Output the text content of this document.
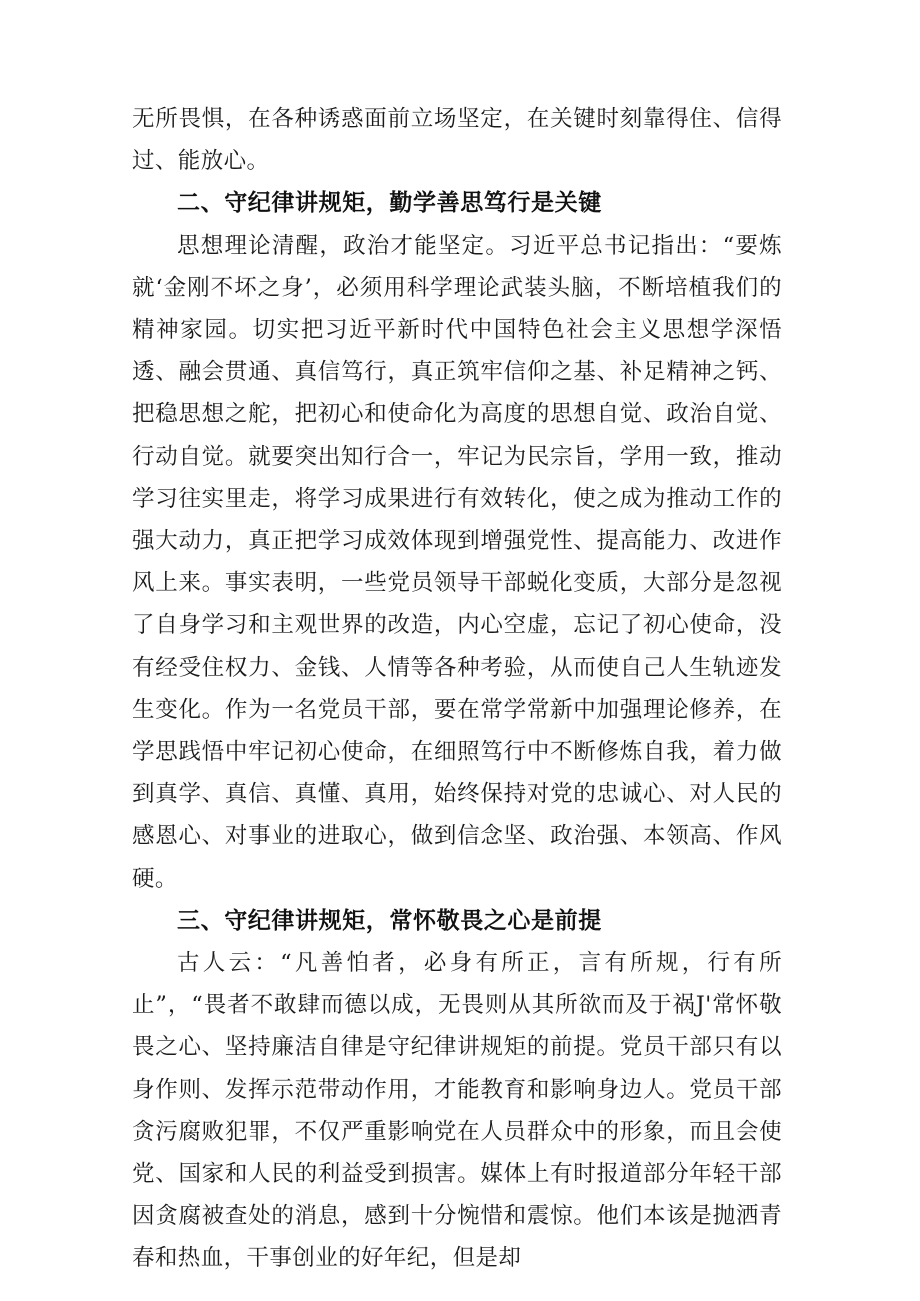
无所畏惧，在各种诱惑面前立场坚定，在关键时刻靠得住、信得过、能放心。

二、守纪律讲规矩，勤学善思笃行是关键

思想理论清醒，政治才能坚定。习近平总书记指出：“要炼就‘金刚不坏之身’，必须用科学理论武装头脑，不断培植我们的精神家园。切实把习近平新时代中国特色社会主义思想学深悟透、融会贯通、真信笃行，真正筑牢信仰之基、补足精神之钙、把稳思想之舵，把初心和使命化为高度的思想自觉、政治自觉、行动自觉。就要突出知行合一，牢记为民宗旨，学用一致，推动学习往实里走，将学习成果进行有效转化，使之成为推动工作的强大动力，真正把学习成效体现到增强党性、提高能力、改进作风上来。事实表明，一些党员领导干部蜕化变质，大部分是忽视了自身学习和主观世界的改造，内心空虚，忘记了初心使命，没有经受住权力、金钱、人情等各种考验，从而使自己人生轨迹发生变化。作为一名党员干部，要在常学常新中加强理论修养，在学思践悟中牢记初心使命，在细照笃行中不断修炼自我，着力做到真学、真信、真懂、真用，始终保持对党的忠诚心、对人民的感恩心、对事业的进取心，做到信念坚、政治强、本领高、作风硬。

三、守纪律讲规矩，常怀敬畏之心是前提

古人云：“凡善怕者，必身有所正，言有所规，行有所止”，“畏者不敢肆而德以成，无畏则从其所欲而及于祸J'常怀敬畏之心、坚持廉洁自律是守纪律讲规矩的前提。党员干部只有以身作则、发挥示范带动作用，才能教育和影响身边人。党员干部贪污腐败犯罪，不仅严重影响党在人员群众中的形象，而且会使党、国家和人民的利益受到损害。媒体上有时报道部分年轻干部因贪腐被查处的消息，感到十分惋惜和震惊。他们本该是抛洒青春和热血，干事创业的好年纪，但是却
